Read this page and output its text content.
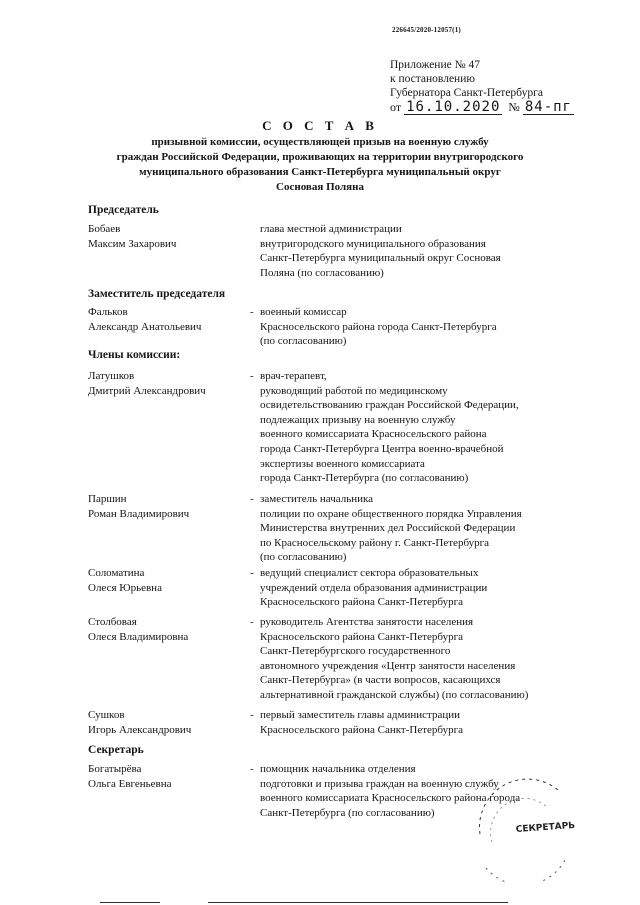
226645/2020-12057(1)
Приложение № 47
к постановлению
Губернатора Санкт-Петербурга
от 16.10.2020 № 84-пг
С О С Т А В
призывной комиссии, осуществляющей призыв на военную службу
граждан Российской Федерации, проживающих на территории внутригородского
муниципального образования Санкт-Петербурга муниципальный округ
Сосновая Поляна
Председатель
Заместитель председателя
Члены комиссии:
Секретарь
Бобаев
Максим Захарович
глава местной администрации
внутригородского муниципального образования
Санкт-Петербурга муниципальный округ Сосновая
Поляна (по согласованию)
Фальков
Александр Анатольевич
- военный комиссар
Красносельского района города Санкт-Петербурга
(по согласованию)
Латушков
Дмитрий Александрович
- врач-терапевт,
руководящий работой по медицинскому
освидетельствованию граждан Российской Федерации,
подлежащих призыву на военную службу
военного комиссариата Красносельского района
города Санкт-Петербурга Центра военно-врачебной
экспертизы военного комиссариата
города Санкт-Петербурга (по согласованию)
Паршин
Роман Владимирович
- заместитель начальника
полиции по охране общественного порядка Управления
Министерства внутренних дел Российской Федерации
по Красносельскому району г. Санкт-Петербурга
(по согласованию)
Соломатина
Олеся Юрьевна
- ведущий специалист сектора образовательных
учреждений отдела образования администрации
Красносельского района Санкт-Петербурга
Столбовая
Олеся Владимировна
- руководитель Агентства занятости населения
Красносельского района Санкт-Петербурга
Санкт-Петербургского государственного
автономного учреждения «Центр занятости населения
Санкт-Петербурга» (в части вопросов, касающихся
альтернативной гражданской службы) (по согласованию)
Сушков
Игорь Александрович
- первый заместитель главы администрации
Красносельского района Санкт-Петербурга
Богатырёва
Ольга Евгеньевна
- помощник начальника отделения
подготовки и призыва граждан на военную службу
военного комиссариата Красносельского района города
Санкт-Петербурга (по согласованию)
СЕКРЕТАРЬ
